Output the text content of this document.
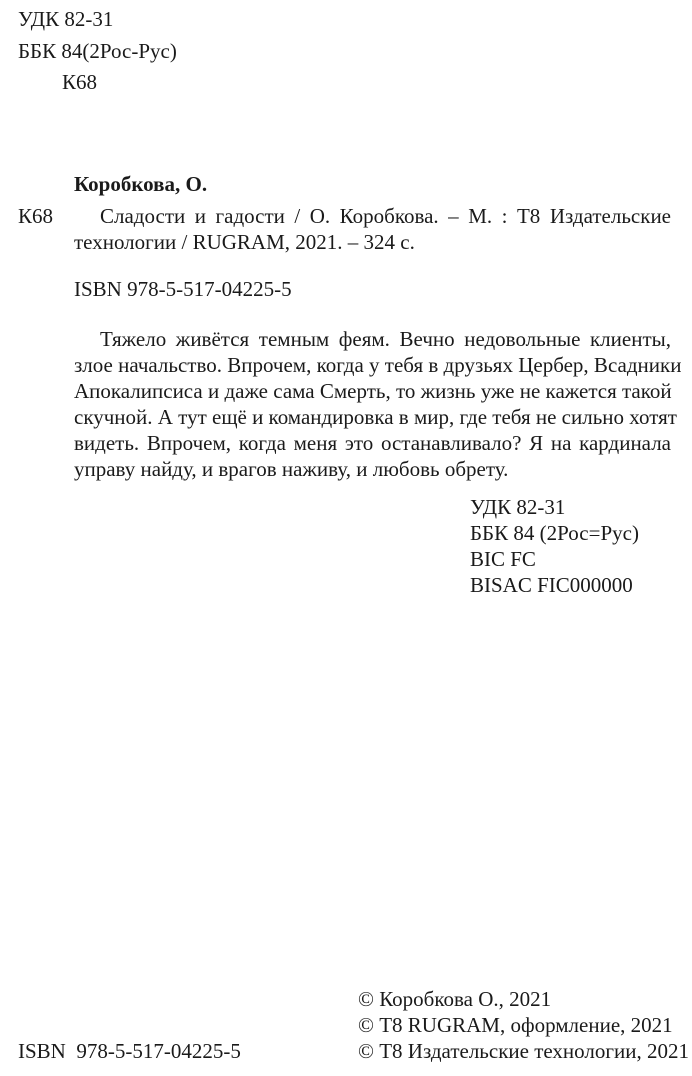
УДК 82-31
ББК 84(2Рос-Рус)
К68
Коробкова, О.
К68 Сладости и гадости / О. Коробкова. – М. : Т8 Издательские
технологии / RUGRAM, 2021. – 324 с.
ISBN 978-5-517-04225-5
Тяжело живётся темным феям. Вечно недовольные клиенты,
злое начальство. Впрочем, когда у тебя в друзьях Цербер, Всадники
Апокалипсиса и даже сама Смерть, то жизнь уже не кажется такой
скучной. А тут ещё и командировка в мир, где тебя не сильно хотят
видеть. Впрочем, когда меня это останавливало? Я на кардинала
управу найду, и врагов наживу, и любовь обрету.
УДК 82-31
ББК 84 (2Рос=Рус)
BIC FC
BISAC FIC000000
© Коробкова О., 2021
© Т8 RUGRAM, оформление, 2021
© Т8 Издательские технологии, 2021
ISBN  978-5-517-04225-5
